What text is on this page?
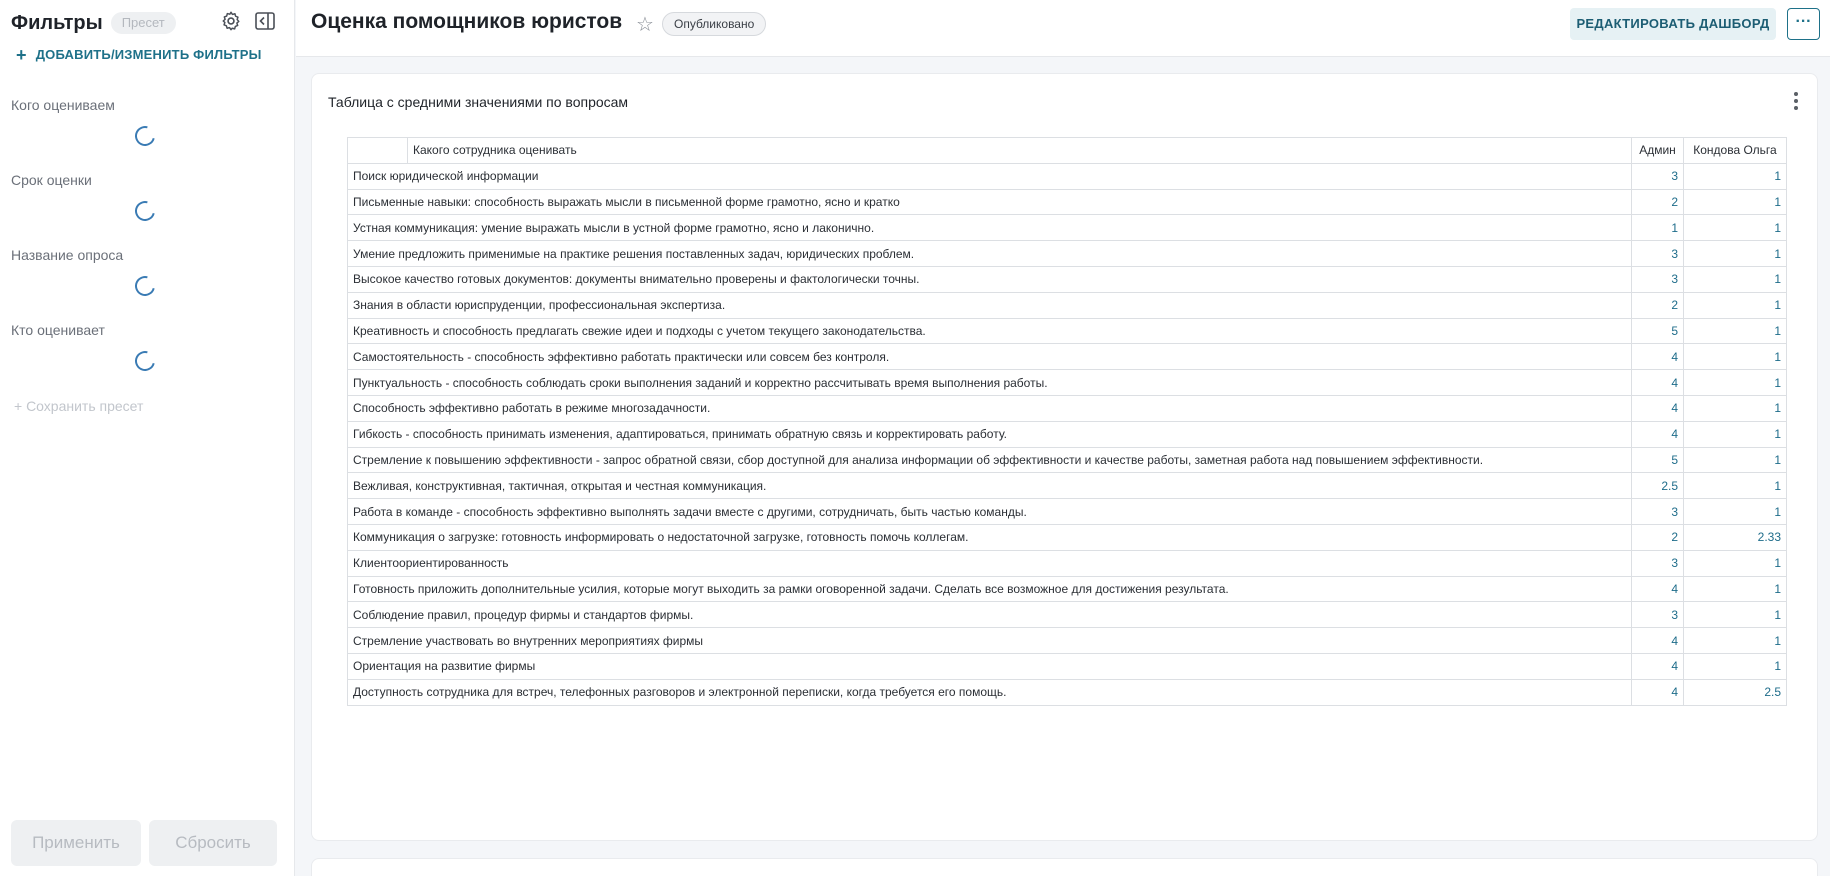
Фильтры	Пресет
+ ДОБАВИТЬ/ИЗМЕНИТЬ ФИЛЬТРЫ
Кого оцениваем
Срок оценки
Название опроса
Кто оценивает
+ Сохранить пресет
Применить	Сбросить
Оценка помощников юристов ☆	Опубликовано	РЕДАКТИРОВАТЬ ДАШБОРД	···
Таблица с средними значениями по вопросам
	Какого сотрудника оценивать	Админ	Кондова Ольга
Поиск юридической информации		3	1
Письменные навыки: способность выражать мысли в письменной форме грамотно, ясно и кратко		2	1
Устная коммуникация: умение выражать мысли в устной форме грамотно, ясно и лаконично.		1	1
Умение предложить применимые на практике решения поставленных задач, юридических проблем.		3	1
Высокое качество готовых документов: документы внимательно проверены и фактологически точны.		3	1
Знания в области юриспруденции, профессиональная экспертиза.		2	1
Креативность и способность предлагать свежие идеи и подходы с учетом текущего законодательства.		5	1
Самостоятельность - способность эффективно работать практически или совсем без контроля.		4	1
Пунктуальность - способность соблюдать сроки выполнения заданий и корректно рассчитывать время выполнения работы.		4	1
Способность эффективно работать в режиме многозадачности.		4	1
Гибкость - способность принимать изменения, адаптироваться, принимать обратную связь и корректировать работу.		4	1
Стремление к повышению эффективности - запрос обратной связи, сбор доступной для анализа информации об эффективности и качестве работы, заметная работа над повышением эффективности.		5	1
Вежливая, конструктивная, тактичная, открытая и честная коммуникация.		2.5	1
Работа в команде - способность эффективно выполнять задачи вместе с другими, сотрудничать, быть частью команды.		3	1
Коммуникация о загрузке: готовность информировать о недостаточной загрузке, готовность помочь коллегам.		2	2.33
Клиентоориентированность		3	1
Готовность приложить дополнительные усилия, которые могут выходить за рамки оговоренной задачи. Сделать все возможное для достижения результата.		4	1
Соблюдение правил, процедур фирмы и стандартов фирмы.		3	1
Стремление участвовать во внутренних мероприятиях фирмы		4	1
Ориентация на развитие фирмы		4	1
Доступность сотрудника для встреч, телефонных разговоров и электронной переписки, когда требуется его помощь.		4	2.5
